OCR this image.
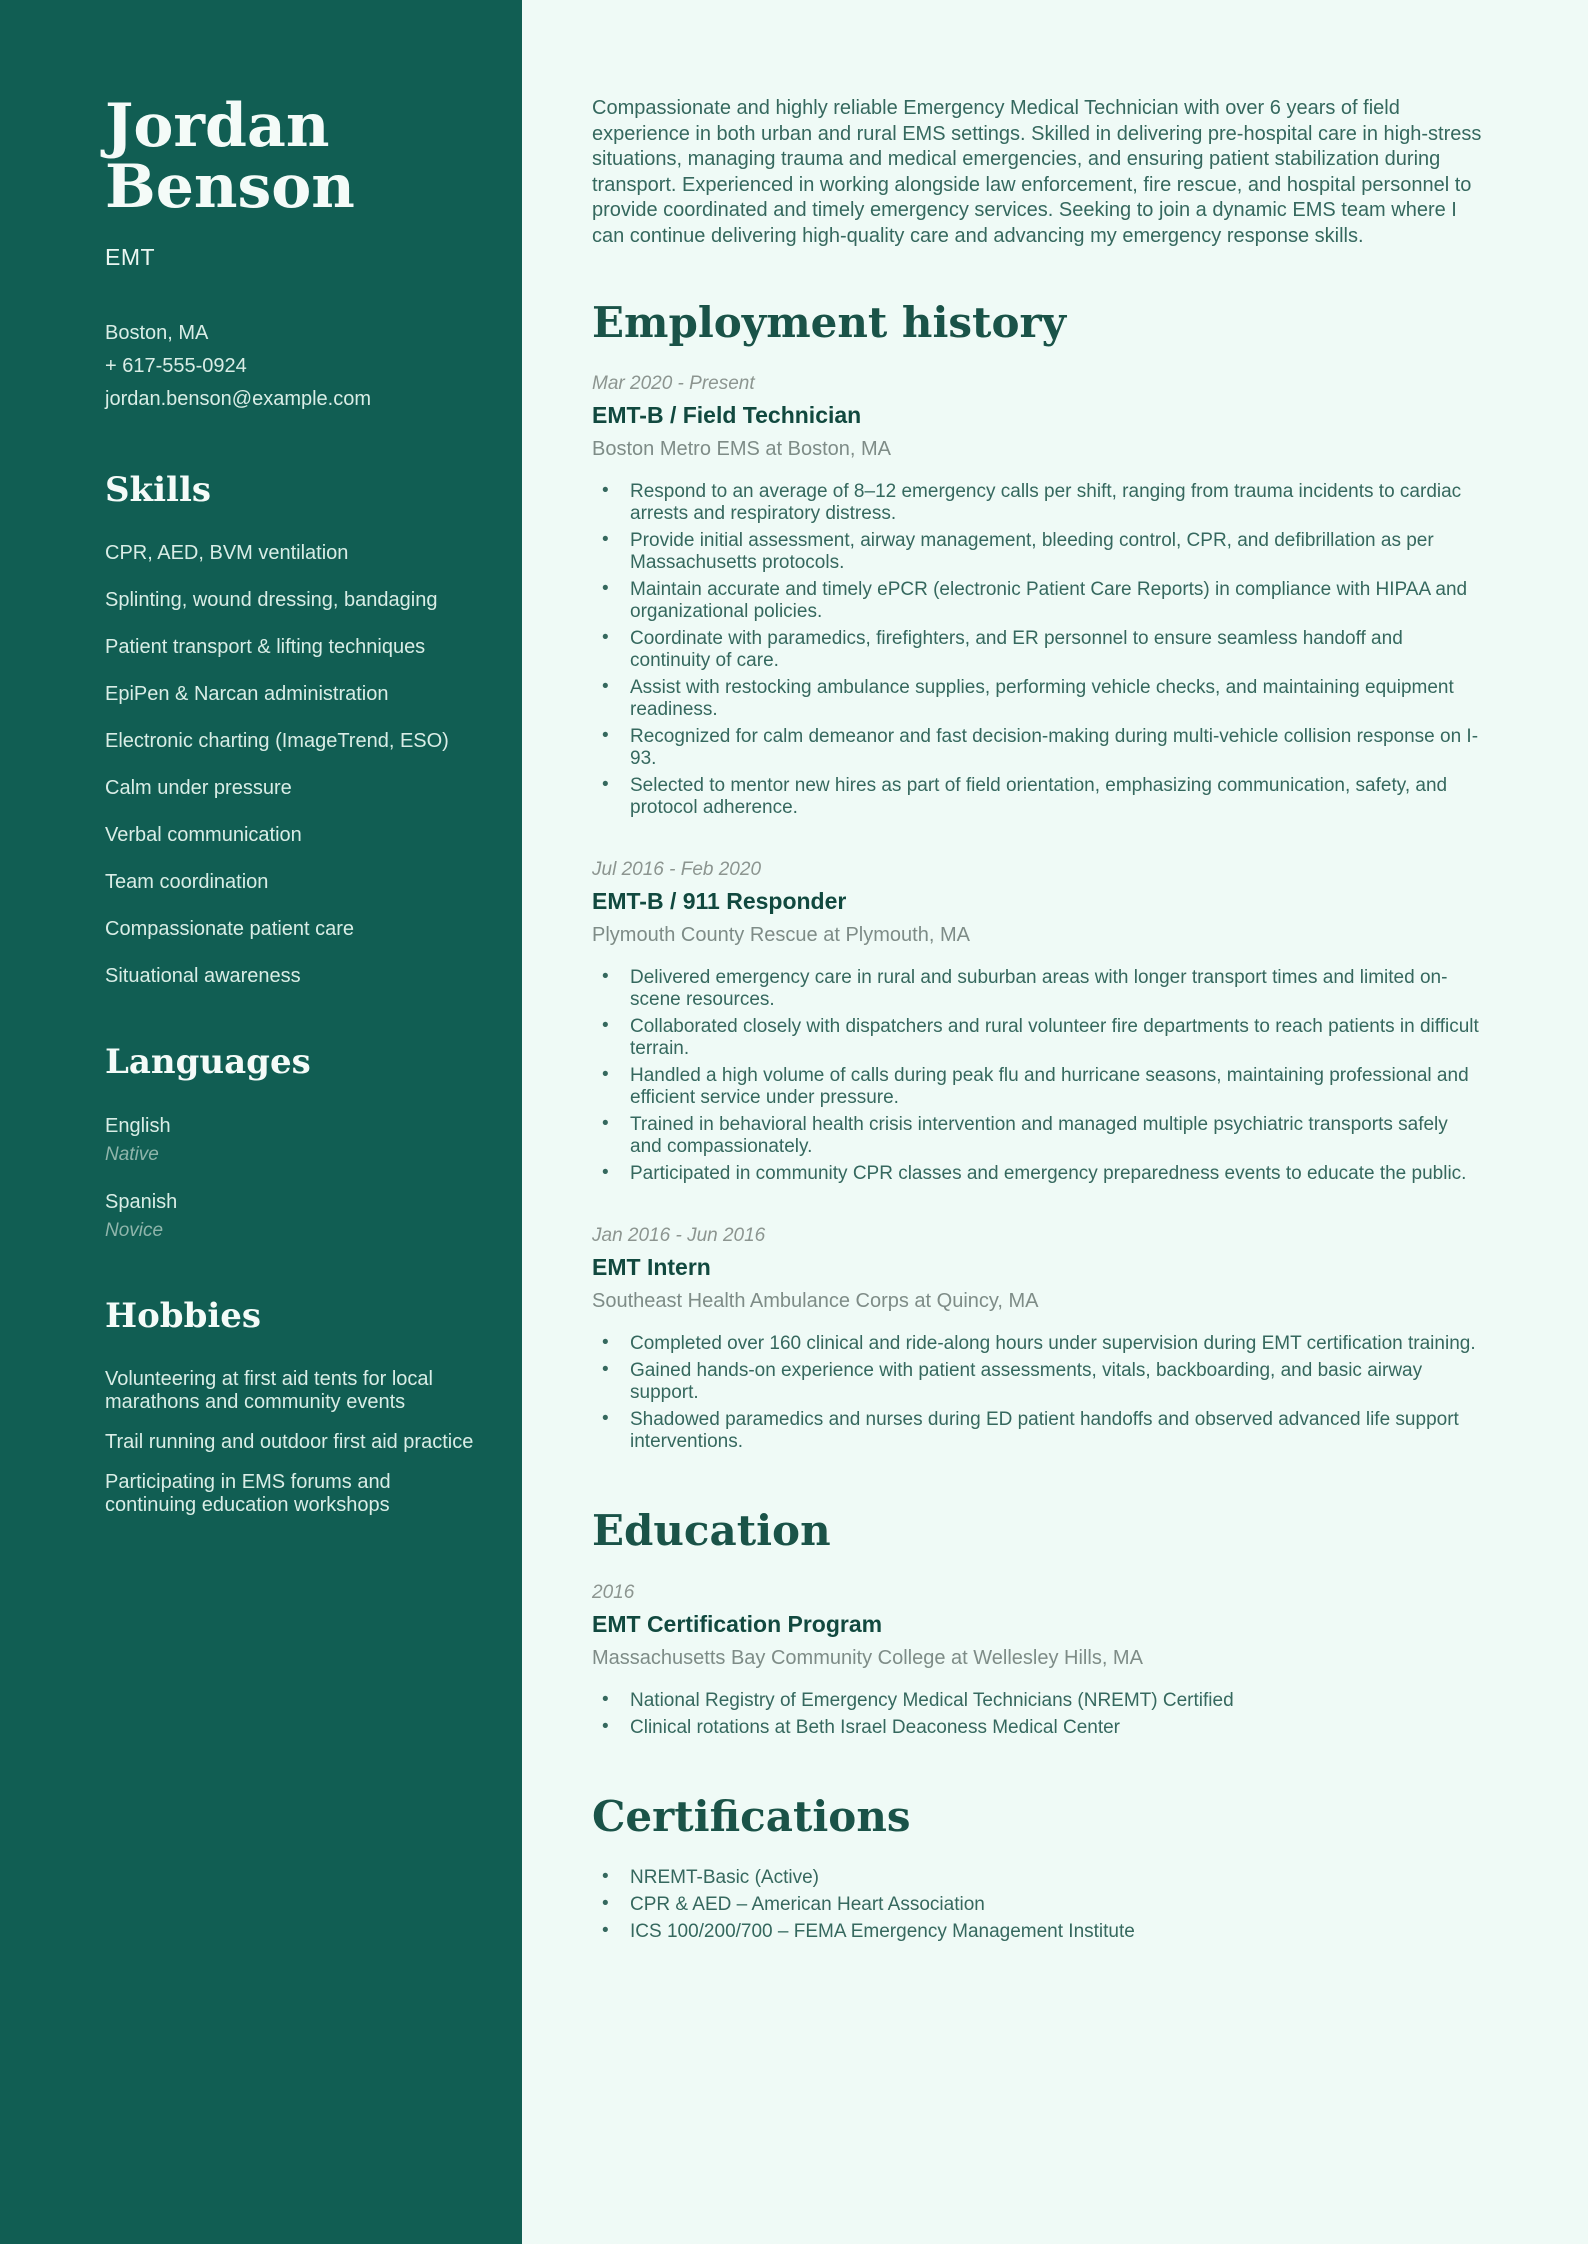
Jordan
Benson
EMT
Boston, MA
+ 617-555-0924
jordan.benson@example.com
Skills
CPR, AED, BVM ventilation
Splinting, wound dressing, bandaging
Patient transport & lifting techniques
EpiPen & Narcan administration
Electronic charting (ImageTrend, ESO)
Calm under pressure
Verbal communication
Team coordination
Compassionate patient care
Situational awareness
Languages
English
Native
Spanish
Novice
Hobbies
Volunteering at first aid tents for local marathons and community events
Trail running and outdoor first aid practice
Participating in EMS forums and continuing education workshops

Compassionate and highly reliable Emergency Medical Technician with over 6 years of field experience in both urban and rural EMS settings. Skilled in delivering pre-hospital care in high-stress situations, managing trauma and medical emergencies, and ensuring patient stabilization during transport. Experienced in working alongside law enforcement, fire rescue, and hospital personnel to provide coordinated and timely emergency services. Seeking to join a dynamic EMS team where I can continue delivering high-quality care and advancing my emergency response skills.

Employment history
Mar 2020 - Present
EMT-B / Field Technician
Boston Metro EMS at Boston, MA
• Respond to an average of 8–12 emergency calls per shift, ranging from trauma incidents to cardiac arrests and respiratory distress.
• Provide initial assessment, airway management, bleeding control, CPR, and defibrillation as per Massachusetts protocols.
• Maintain accurate and timely ePCR (electronic Patient Care Reports) in compliance with HIPAA and organizational policies.
• Coordinate with paramedics, firefighters, and ER personnel to ensure seamless handoff and continuity of care.
• Assist with restocking ambulance supplies, performing vehicle checks, and maintaining equipment readiness.
• Recognized for calm demeanor and fast decision-making during multi-vehicle collision response on I-93.
• Selected to mentor new hires as part of field orientation, emphasizing communication, safety, and protocol adherence.
Jul 2016 - Feb 2020
EMT-B / 911 Responder
Plymouth County Rescue at Plymouth, MA
• Delivered emergency care in rural and suburban areas with longer transport times and limited on-scene resources.
• Collaborated closely with dispatchers and rural volunteer fire departments to reach patients in difficult terrain.
• Handled a high volume of calls during peak flu and hurricane seasons, maintaining professional and efficient service under pressure.
• Trained in behavioral health crisis intervention and managed multiple psychiatric transports safely and compassionately.
• Participated in community CPR classes and emergency preparedness events to educate the public.
Jan 2016 - Jun 2016
EMT Intern
Southeast Health Ambulance Corps at Quincy, MA
• Completed over 160 clinical and ride-along hours under supervision during EMT certification training.
• Gained hands-on experience with patient assessments, vitals, backboarding, and basic airway support.
• Shadowed paramedics and nurses during ED patient handoffs and observed advanced life support interventions.
Education
2016
EMT Certification Program
Massachusetts Bay Community College at Wellesley Hills, MA
• National Registry of Emergency Medical Technicians (NREMT) Certified
• Clinical rotations at Beth Israel Deaconess Medical Center
Certifications
• NREMT-Basic (Active)
• CPR & AED – American Heart Association
• ICS 100/200/700 – FEMA Emergency Management Institute
